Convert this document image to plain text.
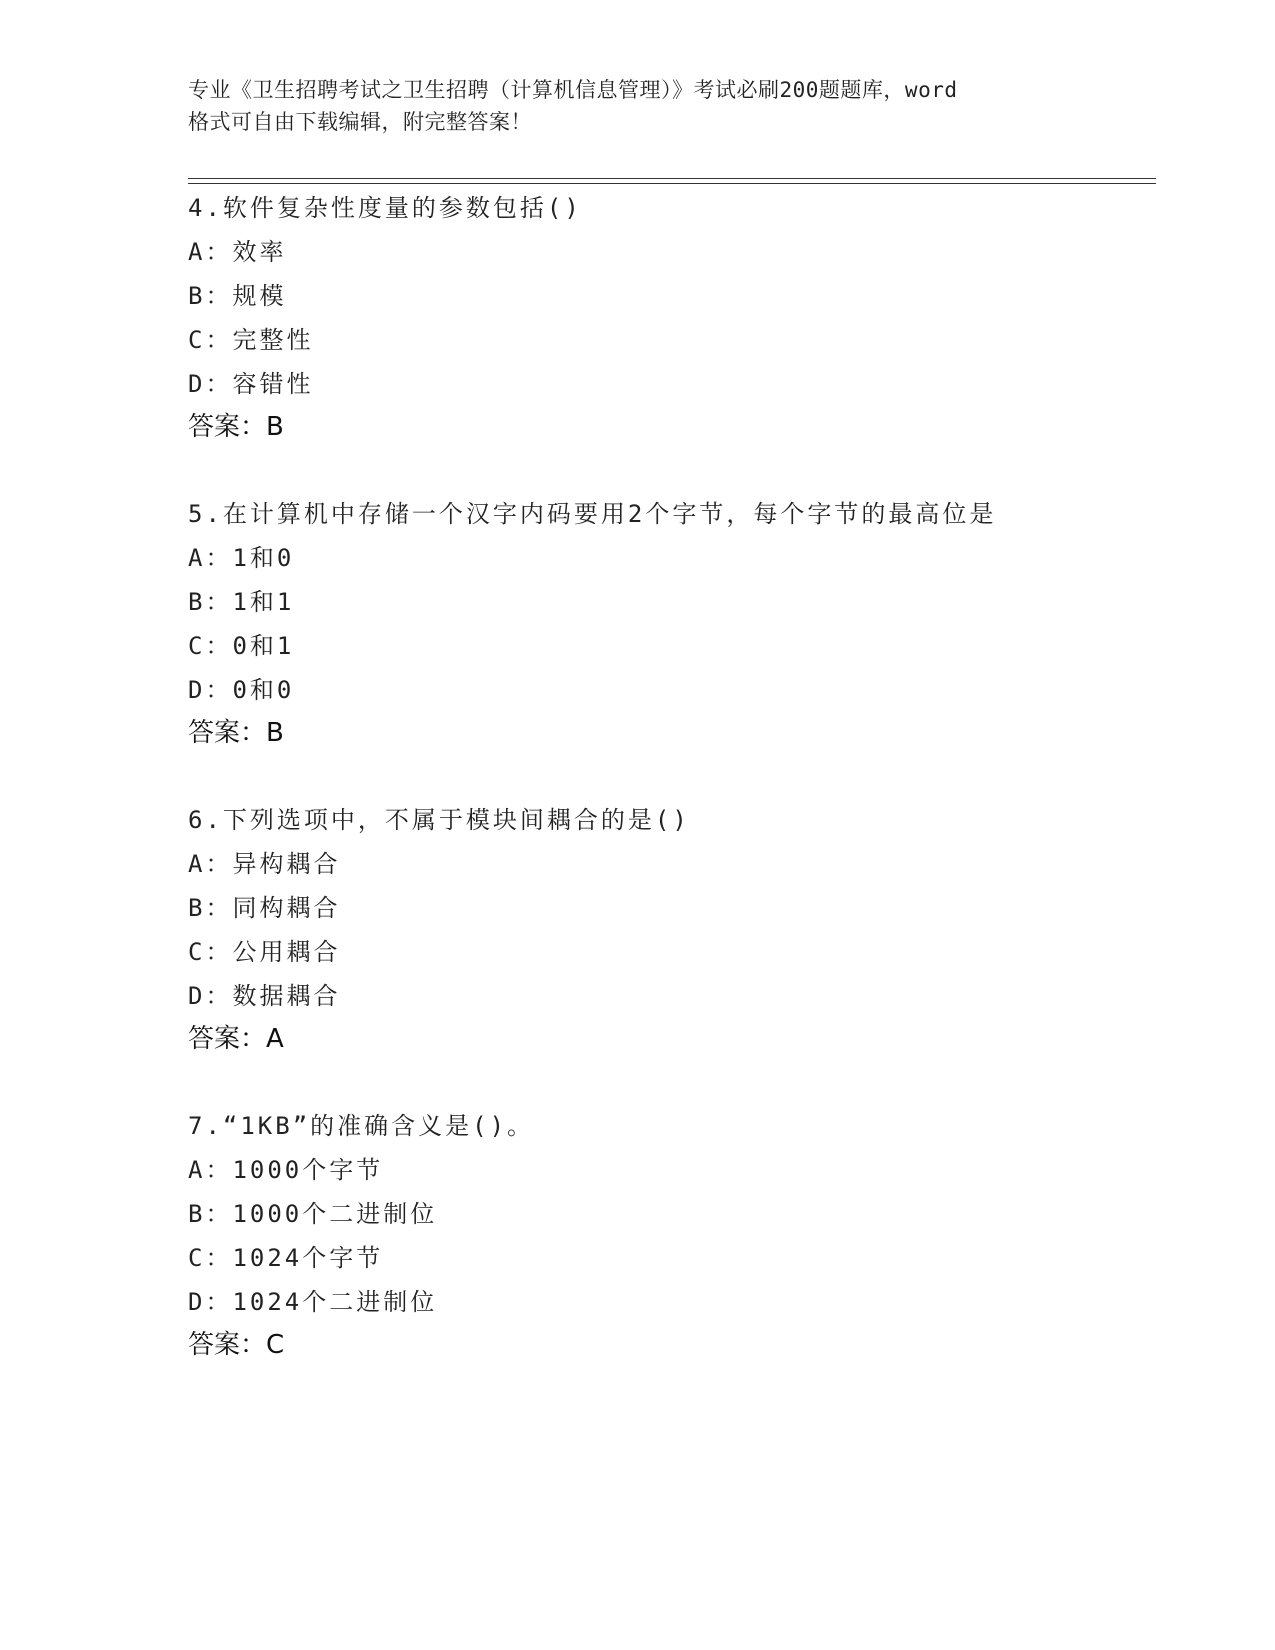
专业《卫生招聘考试之卫生招聘（计算机信息管理）》考试必刷200题题库，word
格式可自由下载编辑，附完整答案！
4.软件复杂性度量的参数包括()
A：效率
B：规模
C：完整性
D：容错性
答案：B
5.在计算机中存储一个汉字内码要用2个字节，每个字节的最高位是
A：1和0
B：1和1
C：0和1
D：0和0
答案：B
6.下列选项中，不属于模块间耦合的是()
A：异构耦合
B：同构耦合
C：公用耦合
D：数据耦合
答案：A
7.“1KB”的准确含义是()。
A：1000个字节
B：1000个二进制位
C：1024个字节
D：1024个二进制位
答案：C
